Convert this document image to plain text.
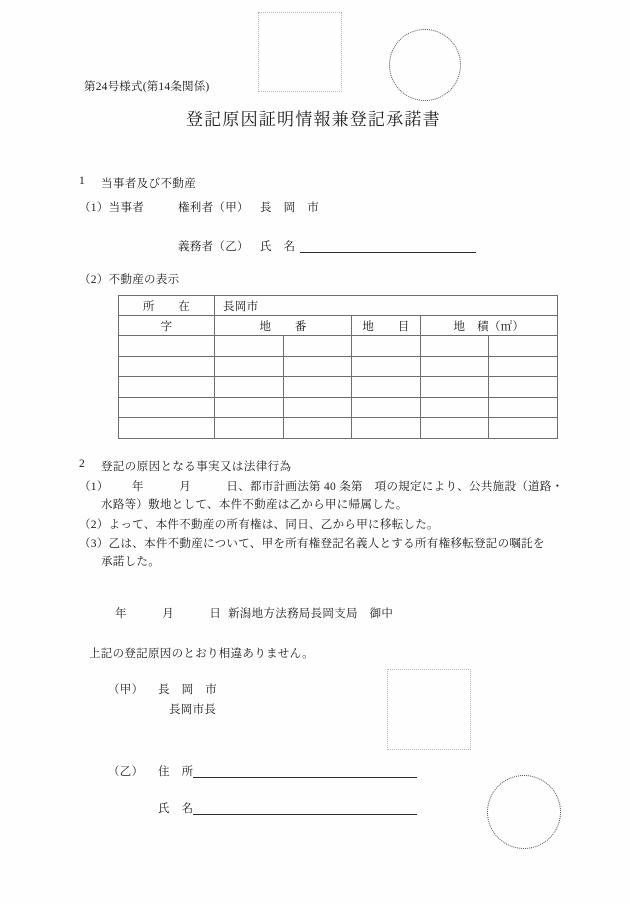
第24号様式(第14条関係)
登記原因証明情報兼登記承諾書
1 当事者及び不動産
（1）当事者	権利者（甲） 長　岡　市
義務者（乙） 氏　名
（2）不動産の表示
所　　在	長岡市				
字	地　　番		地　　目	地　積（㎡）	

2 登記の原因となる事実又は法律行為
（1） 年　　　月　　　日、都市計画法第 40 条第　項の規定により、公共施設（道路・
水路等）敷地として、本件不動産は乙から甲に帰属した。
（2）よって、本件不動産の所有権は、同日、乙から甲に移転した。
（3）乙は、本件不動産について、甲を所有権登記名義人とする所有権移転登記の嘱託を
承諾した。
年　　　月　　　日 新潟地方法務局長岡支局　御中
上記の登記原因のとおり相違ありません。
（甲） 長　岡　市
長岡市長
（乙） 住　所
氏　名
